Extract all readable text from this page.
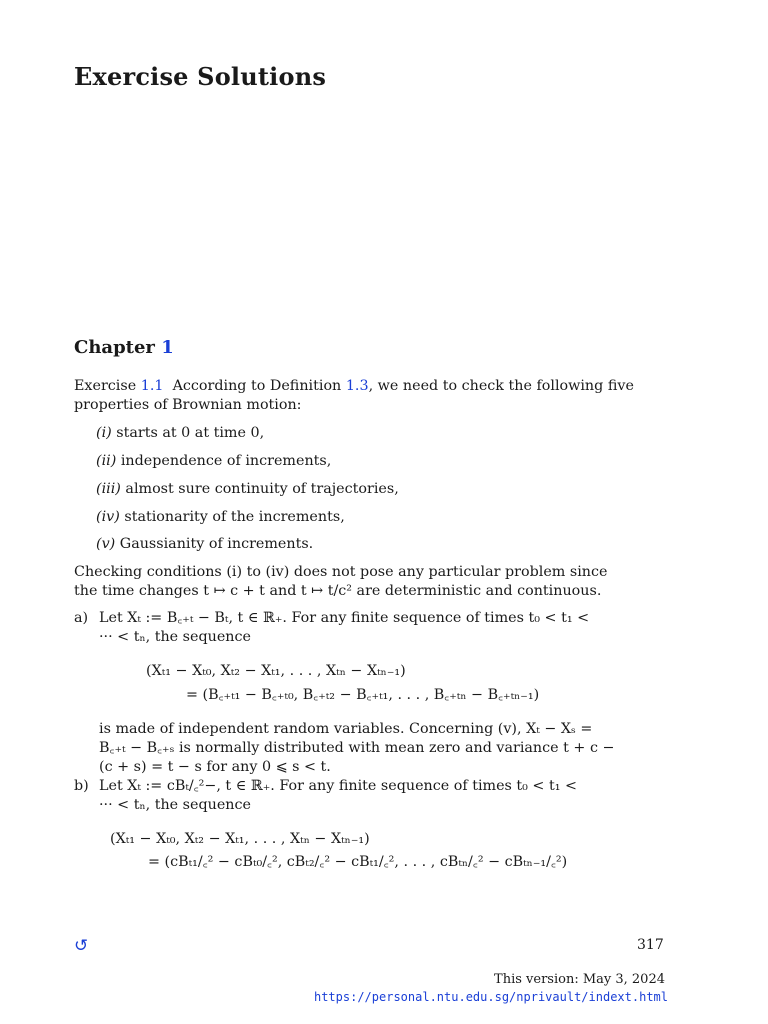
Exercise Solutions
Chapter 1
Exercise 1.1 According to Definition 1.3, we need to check the following five
properties of Brownian motion:
(i) starts at 0 at time 0,
(ii) independence of increments,
(iii) almost sure continuity of trajectories,
(iv) stationarity of the increments,
(v) Gaussianity of increments.
Checking conditions (i) to (iv) does not pose any particular problem since
the time changes t ↦ c + t and t ↦ t/c² are deterministic and continuous.
a) Let Xₜ := B꜀₊ₜ − Bₜ, t ∈ ℝ₊. For any finite sequence of times t₀ < t₁ <
··· < tₙ, the sequence
(Xₜ₁ − Xₜ₀, Xₜ₂ − Xₜ₁, . . . , Xₜₙ − Xₜₙ₋₁)
= (B꜀₊ₜ₁ − B꜀₊ₜ₀, B꜀₊ₜ₂ − B꜀₊ₜ₁, . . . , B꜀₊ₜₙ − B꜀₊ₜₙ₋₁)
is made of independent random variables. Concerning (v), Xₜ − Xₛ =
B꜀₊ₜ − B꜀₊ₛ is normally distributed with mean zero and variance t + c −
(c + s) = t − s for any 0 ⩽ s < t.
b) Let Xₜ := cBₜ/꜀²−, t ∈ ℝ₊. For any finite sequence of times t₀ < t₁ <
··· < tₙ, the sequence
(Xₜ₁ − Xₜ₀, Xₜ₂ − Xₜ₁, . . . , Xₜₙ − Xₜₙ₋₁)
= (cBₜ₁/꜀² − cBₜ₀/꜀², cBₜ₂/꜀² − cBₜ₁/꜀², . . . , cBₜₙ/꜀² − cBₜₙ₋₁/꜀²)
↺	317
This version: May 3, 2024
https://personal.ntu.edu.sg/nprivault/indext.html
